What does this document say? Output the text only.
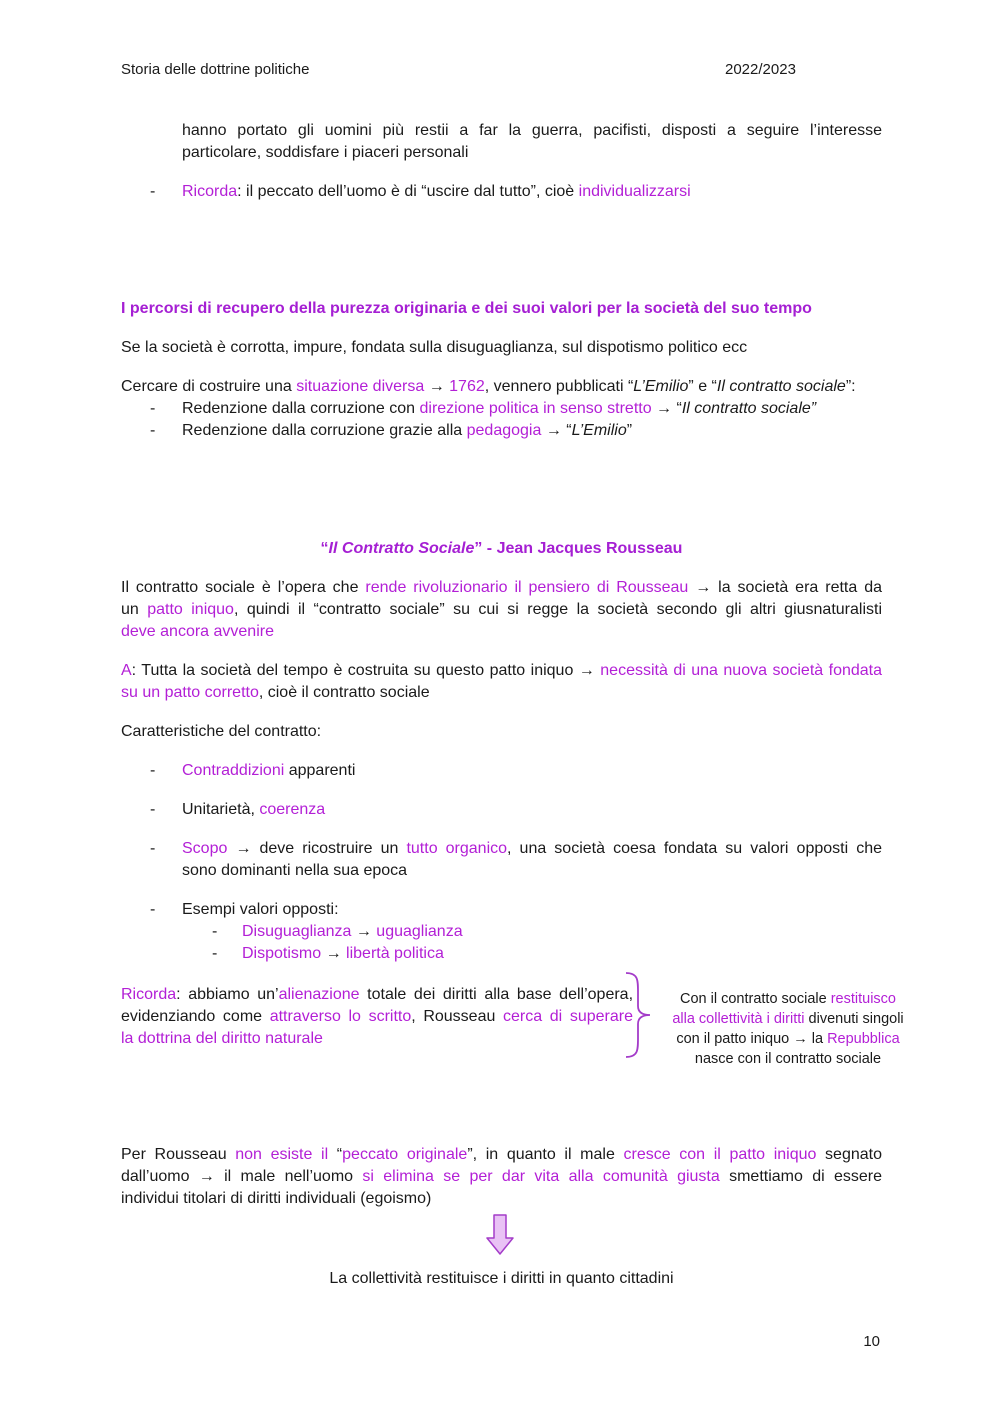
Storia delle dottrine politiche	2022/2023
hanno portato gli uomini più restii a far la guerra, pacifisti, disposti a seguire l’interesse
particolare, soddisfare i piaceri personali
- Ricorda: il peccato dell’uomo è di “uscire dal tutto”, cioè individualizzarsi
I percorsi di recupero della purezza originaria e dei suoi valori per la società del suo tempo
Se la società è corrotta, impure, fondata sulla disuguaglianza, sul dispotismo politico ecc
Cercare di costruire una situazione diversa → 1762, vennero pubblicati “L’Emilio” e “Il contratto sociale”:
- Redenzione dalla corruzione con direzione politica in senso stretto → “Il contratto sociale”
- Redenzione dalla corruzione grazie alla pedagogia → “L’Emilio”
“Il Contratto Sociale” - Jean Jacques Rousseau
Il contratto sociale è l’opera che rende rivoluzionario il pensiero di Rousseau → la società era retta da
un patto iniquo, quindi il “contratto sociale” su cui si regge la società secondo gli altri giusnaturalisti
deve ancora avvenire
A: Tutta la società del tempo è costruita su questo patto iniquo → necessità di una nuova società fondata
su un patto corretto, cioè il contratto sociale
Caratteristiche del contratto:
- Contraddizioni apparenti
- Unitarietà, coerenza
- Scopo → deve ricostruire un tutto organico, una società coesa fondata su valori opposti che
sono dominanti nella sua epoca
- Esempi valori opposti:
- Disuguaglianza → uguaglianza
- Dispotismo → libertà politica
Ricorda: abbiamo un’alienazione totale dei diritti alla base dell’opera,
evidenziando come attraverso lo scritto, Rousseau cerca di superare
la dottrina del diritto naturale
Con il contratto sociale restituisco
alla collettività i diritti divenuti singoli
con il patto iniquo → la Repubblica
nasce con il contratto sociale
Per Rousseau non esiste il “peccato originale”, in quanto il male cresce con il patto iniquo segnato
dall’uomo → il male nell’uomo si elimina se per dar vita alla comunità giusta smettiamo di essere
individui titolari di diritti individuali (egoismo)
La collettività restituisce i diritti in quanto cittadini
10
